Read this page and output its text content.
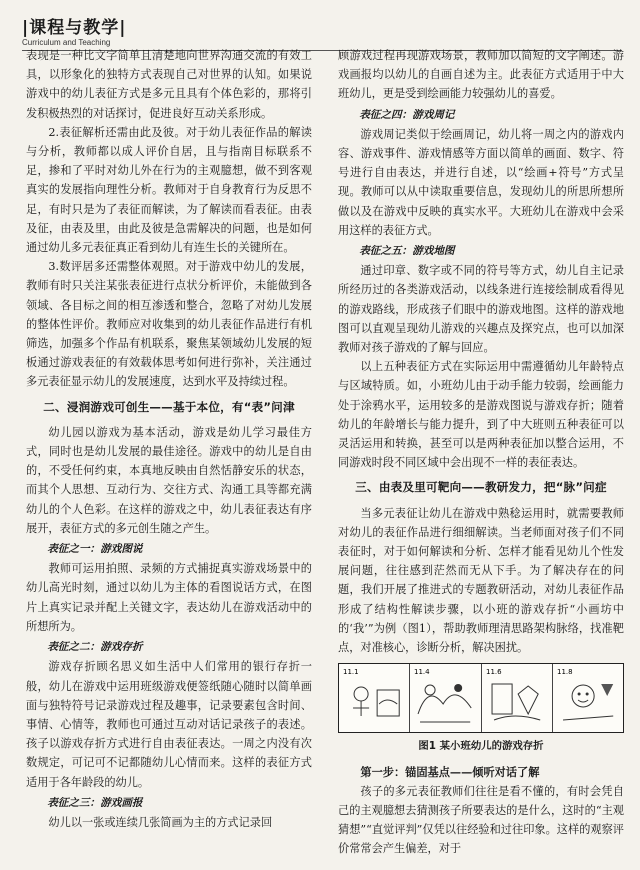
|课程与教学|
Curriculum and Teaching

表现是一种比文字简单且清楚地向世界沟通交流的有效工具，以形象化的独特方式表现自己对世界的认知。如果说游戏中的幼儿表征方式是多元且具有个体色彩的，那将引发积极热烈的对话探讨，促进良好互动关系形成。

2.表征解析还需由此及彼。对于幼儿表征作品的解读与分析，教师都以成人评价自居，且与指南目标联系不足，掺和了平时对幼儿外在行为的主观臆想，做不到客观真实的发展指向理性分析。教师对于自身教育行为反思不足，有时只是为了表征而解读，为了解读而看表征。由表及征，由表及里，由此及彼是急需解决的问题，也是如何通过幼儿多元表征真正看到幼儿有连生长的关键所在。

3.数评居多还需整体观照。对于游戏中幼儿的发展，教师有时只关注某张表征进行点状分析评价，未能做到各领域、各目标之间的相互渗透和整合，忽略了对幼儿发展的整体性评价。教师应对收集到的幼儿表征作品进行有机筛选，加强多个作品有机联系，聚焦某领域幼儿发展的短板通过游戏表征的有效载体思考如何进行弥补，关注通过多元表征显示幼儿的发展速度，达到水平及持续过程。

二、浸润游戏可创生——基于本位，有“表”问津

幼儿园以游戏为基本活动，游戏是幼儿学习最佳方式，同时也是幼儿发展的最佳途径。游戏中的幼儿是自由的，不受任何约束，本真地反映由自然恬静安乐的状态，而其个人思想、互动行为、交往方式、沟通工具等都充满幼儿的个人色彩。在这样的游戏之中，幼儿表征表达有序展开，表征方式的多元创生随之产生。

表征之一：游戏图说

教师可运用拍照、录频的方式捕捉真实游戏场景中的幼儿高光时刻，通过以幼儿为主体的看图说话方式，在图片上真实记录并配上关键文字，表达幼儿在游戏活动中的所想所为。

表征之二：游戏存折

游戏存折顾名思义如生活中人们常用的银行存折一般，幼儿在游戏中运用班级游戏便签纸随心随时以简单画面与独特符号记录游戏过程及趣事，记录要素包含时间、事情、心情等，教师也可通过互动对话记录孩子的表述。孩子以游戏存折方式进行自由表征表达。一周之内没有次数规定，可记可不记都随幼儿心情而来。这样的表征方式适用于各年龄段的幼儿。

表征之三：游戏画报

幼儿以一张或连续几张简画为主的方式记录回

顾游戏过程再现游戏场景，教师加以简短的文字阐述。游戏画报均以幼儿的自画自述为主。此表征方式适用于中大班幼儿，更是受到绘画能力较强幼儿的喜爱。

表征之四：游戏周记

游戏周记类似于绘画周记，幼儿将一周之内的游戏内容、游戏事件、游戏情感等方面以简单的画面、数字、符号进行自由表达，并进行自述，以“绘画+符号”方式呈现。教师可以从中读取重要信息，发现幼儿的所思所想所做以及在游戏中反映的真实水平。大班幼儿在游戏中会采用这样的表征方式。

表征之五：游戏地图

通过印章、数字或不同的符号等方式，幼儿自主记录所经历过的各类游戏活动，以线条进行连接绘制成看得见的游戏路线，形成孩子们眼中的游戏地图。这样的游戏地图可以直观呈现幼儿游戏的兴趣点及探究点，也可以加深教师对孩子游戏的了解与回应。

以上五种表征方式在实际运用中需遵循幼儿年龄特点与区域特质。如，小班幼儿由于动手能力较弱，绘画能力处于涂鸦水平，运用较多的是游戏图说与游戏存折；随着幼儿的年龄增长与能力提升，到了中大班则五种表征可以灵活运用和转换，甚至可以是两种表征加以整合运用，不同游戏时段不同区域中会出现不一样的表征表达。

三、由表及里可靶向——教研发力，把“脉”问症

当多元表征让幼儿在游戏中熟稔运用时，就需要教师对幼儿的表征作品进行细细解读。当老师面对孩子们不同表征时，对于如何解读和分析、怎样才能看见幼儿个性发展问题，往往感到茫然而无从下手。为了解决存在的问题，我们开展了推进式的专题教研活动，对幼儿表征作品形成了结构性解读步骤，以小班的游戏存折“小画坊中的‘我’”为例（图1），帮助教师理清思路架构脉络，找准靶点，对准核心，诊断分析，解决困扰。

11.1	11.4	11.6	11.8
图1 某小班幼儿的游戏存折

第一步：锚固基点——倾听对话了解

孩子的多元表征教师们往往是看不懂的，有时会凭自己的主观臆想去猜测孩子所要表达的是什么，这时的“主观猜想”“直觉评判”仅凭以往经验和过往印象。这样的观察评价常常会产生偏差，对于
